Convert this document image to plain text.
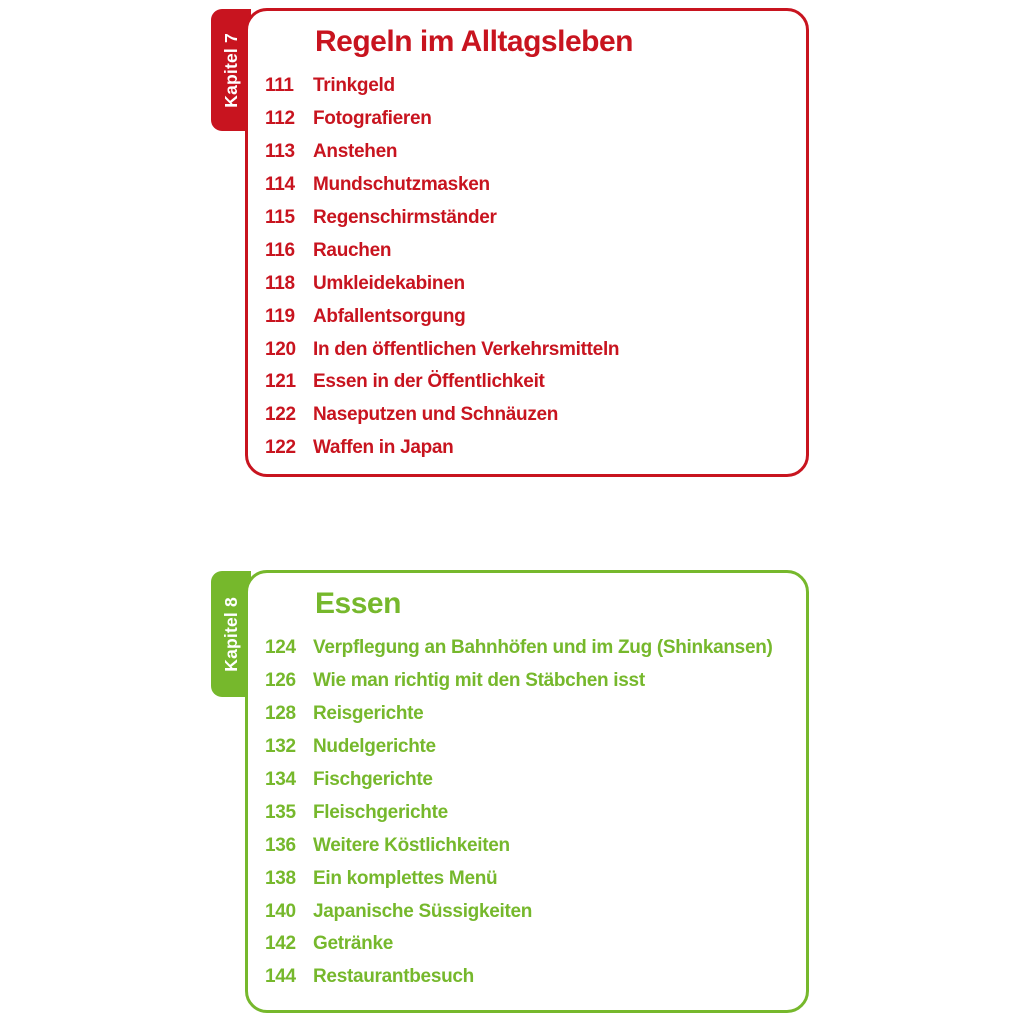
Kapitel 7 Regeln im Alltagsleben
111	Trinkgeld
112 Fotografieren
113 Anstehen
114 Mundschutzmasken
115 Regenschirmständer
116 Rauchen
118 Umkleidekabinen
119 Abfallentsorgung
120 In den öffentlichen Verkehrsmitteln
121 Essen in der Öffentlichkeit
122 Naseputzen und Schnäuzen
122 Waffen in Japan
Kapitel 8 Essen
124 Verpflegung an Bahnhöfen und im Zug (Shinkansen)
126 Wie man richtig mit den Stäbchen isst
128 Reisgerichte
132 Nudelgerichte
134 Fischgerichte
135 Fleischgerichte
136 Weitere Köstlichkeiten
138 Ein komplettes Menü
140 Japanische Süssigkeiten
142 Getränke
144 Restaurantbesuch
